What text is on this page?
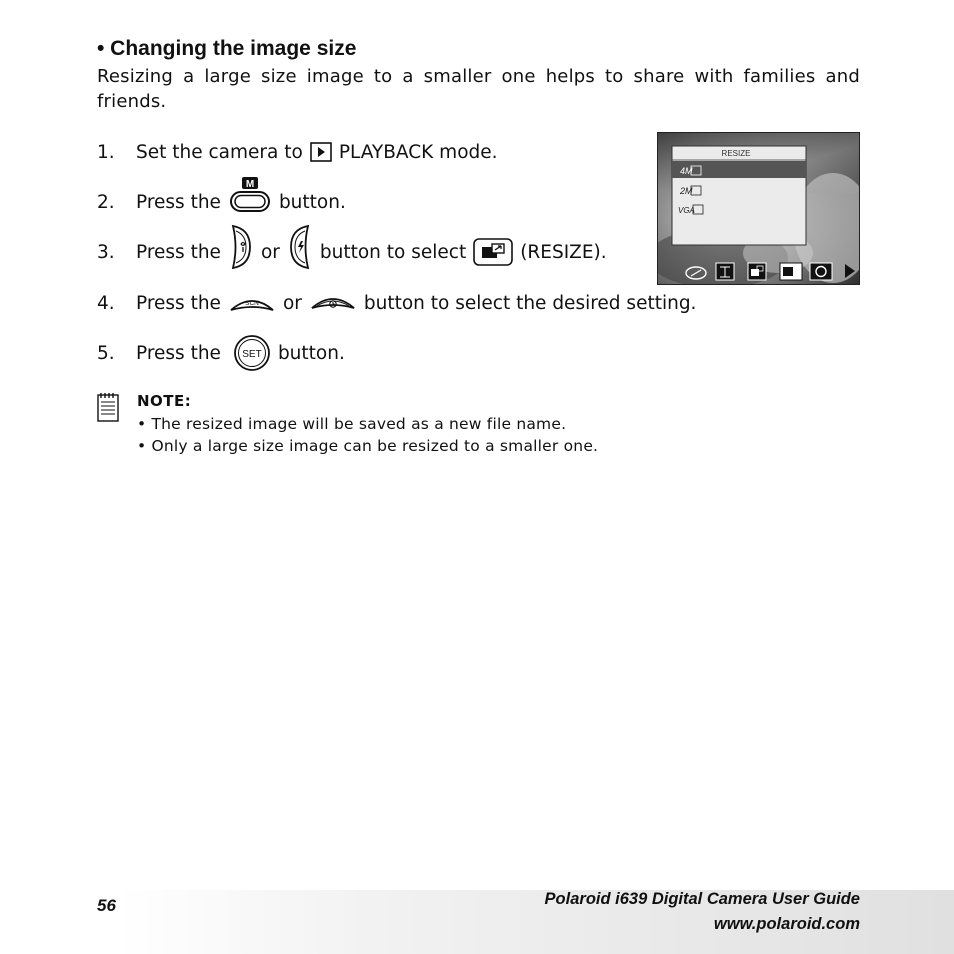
• Changing the image size
Resizing a large size image to a smaller one helps to share with families and friends.
1.	Set the camera to PLAYBACK mode.
2.	Press the
M
button.
3.	Press the or button to select	(RESIZE).
4.	Press the	SCN or	button to select the desired setting.
5.	Press the SET button.
RESIZE
4M
2M
VGA
NOTE:
• The resized image will be saved as a new file name.
• Only a large size image can be resized to a smaller one.
56	Polaroid i639 Digital Camera User Guide
www.polaroid.com
